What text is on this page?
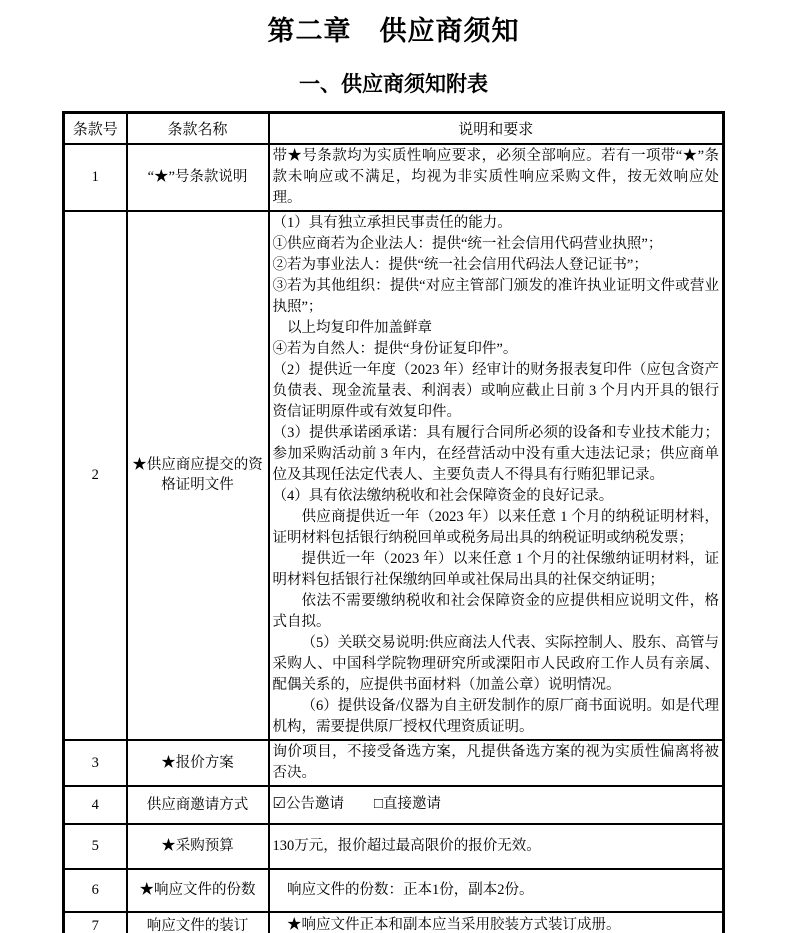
第二章　供应商须知
一、供应商须知附表
条款号	条款名称	说明和要求
1	“★”号条款说明	带★号条款均为实质性响应要求，必须全部响应。若有一项带“★”条款未响应或不满足，均视为非实质性响应采购文件，按无效响应处理。

2	★供应商应提交的资格证明文件	
（1）具有独立承担民事责任的能力。
①供应商若为企业法人：提供“统一社会信用代码营业执照”；
②若为事业法人：提供“统一社会信用代码法人登记证书”；
③若为其他组织：提供“对应主管部门颁发的准许执业证明文件或营业执照”；
以上均复印件加盖鲜章
④若为自然人：提供“身份证复印件”。
（2）提供近一年度（2023 年）经审计的财务报表复印件（应包含资产负债表、现金流量表、利润表）或响应截止日前 3 个月内开具的银行资信证明原件或有效复印件。
（3）提供承诺函承诺：具有履行合同所必须的设备和专业技术能力；参加采购活动前 3 年内，在经营活动中没有重大违法记录；供应商单位及其现任法定代表人、主要负责人不得具有行贿犯罪记录。
（4）具有依法缴纳税收和社会保障资金的良好记录。
供应商提供近一年（2023 年）以来任意 1 个月的纳税证明材料，证明材料包括银行纳税回单或税务局出具的纳税证明或纳税发票；
提供近一年（2023 年）以来任意 1 个月的社保缴纳证明材料，证明材料包括银行社保缴纳回单或社保局出具的社保交纳证明；
依法不需要缴纳税收和社会保障资金的应提供相应说明文件，格式自拟。
（5）关联交易说明:供应商法人代表、实际控制人、股东、高管与采购人、中国科学院物理研究所或溧阳市人民政府工作人员有亲属、配偶关系的，应提供书面材料（加盖公章）说明情况。
（6）提供设备/仪器为自主研发制作的原厂商书面说明。如是代理机构，需要提供原厂授权代理资质证明。

3	★报价方案	询价项目，不接受备选方案，凡提供备选方案的视为实质性偏离将被否决。

4	供应商邀请方式	☑公告邀请 □直接邀请
5	★采购预算	130万元，报价超过最高限价的报价无效。

6	★响应文件的份数	　响应文件的份数：正本1份，副本2份。

7	响应文件的装订	　★响应文件正本和副本应当采用胶装方式装订成册。
